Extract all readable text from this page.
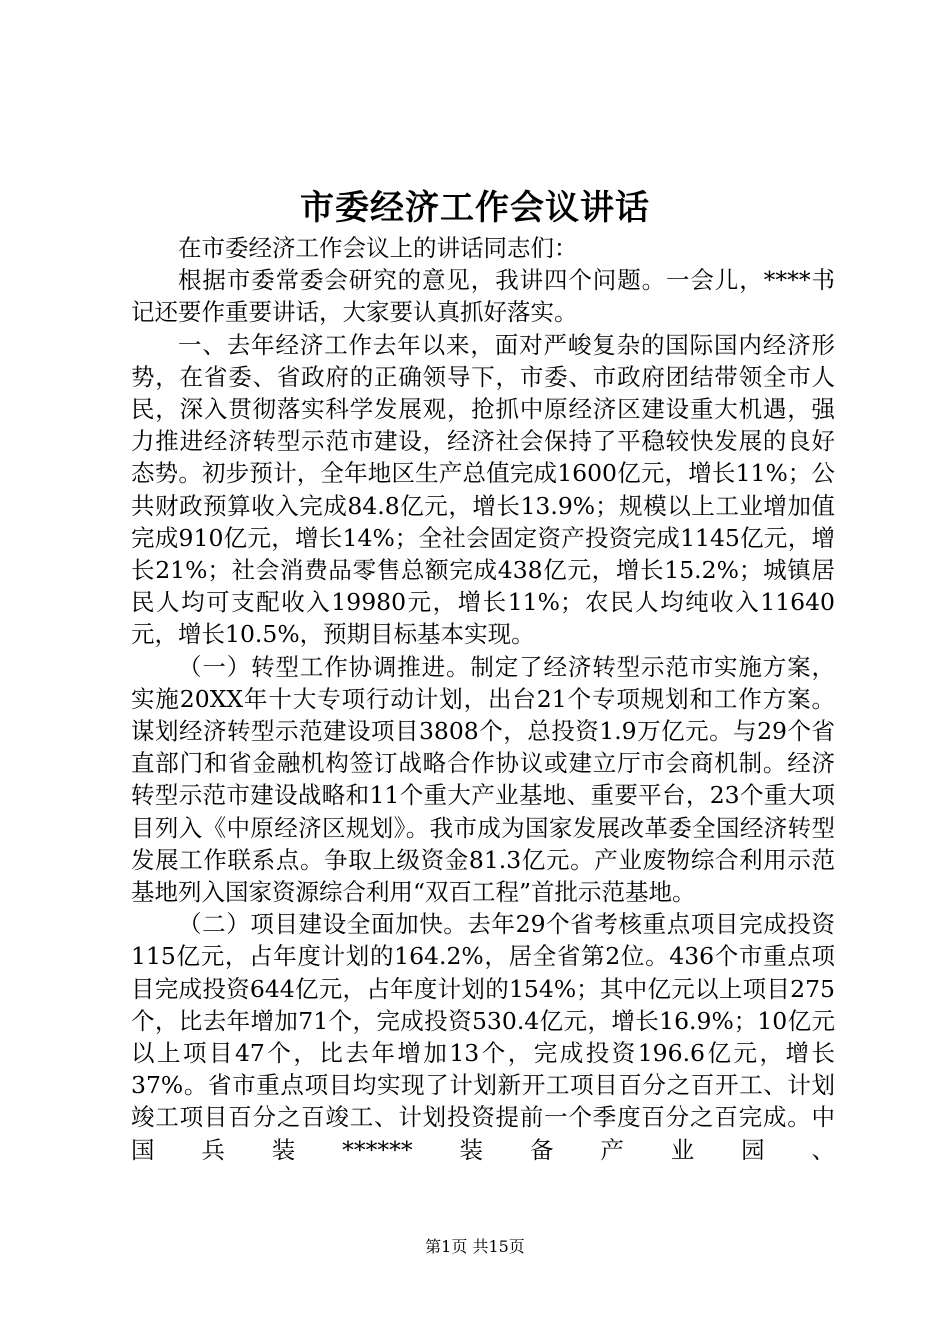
市委经济工作会议讲话

在市委经济工作会议上的讲话同志们：

根据市委常委会研究的意见，我讲四个问题。一会儿，****书记还要作重要讲话，大家要认真抓好落实。

一、去年经济工作去年以来，面对严峻复杂的国际国内经济形势，在省委、省政府的正确领导下，市委、市政府团结带领全市人民，深入贯彻落实科学发展观，抢抓中原经济区建设重大机遇，强力推进经济转型示范市建设，经济社会保持了平稳较快发展的良好态势。初步预计，全年地区生产总值完成1600亿元，增长11%；公共财政预算收入完成84.8亿元，增长13.9%；规模以上工业增加值完成910亿元，增长14%；全社会固定资产投资完成1145亿元，增长21%；社会消费品零售总额完成438亿元，增长15.2%；城镇居民人均可支配收入19980元，增长11%；农民人均纯收入11640元，增长10.5%，预期目标基本实现。

（一）转型工作协调推进。制定了经济转型示范市实施方案，实施20XX年十大专项行动计划，出台21个专项规划和工作方案。谋划经济转型示范建设项目3808个，总投资1.9万亿元。与29个省直部门和省金融机构签订战略合作协议或建立厅市会商机制。经济转型示范市建设战略和11个重大产业基地、重要平台，23个重大项目列入《中原经济区规划》。我市成为国家发展改革委全国经济转型发展工作联系点。争取上级资金81.3亿元。产业废物综合利用示范基地列入国家资源综合利用“双百工程”首批示范基地。

（二）项目建设全面加快。去年29个省考核重点项目完成投资115亿元，占年度计划的164.2%，居全省第2位。436个市重点项目完成投资644亿元，占年度计划的154%；其中亿元以上项目275个，比去年增加71个，完成投资530.4亿元，增长16.9%；10亿元以上项目47个，比去年增加13个，完成投资196.6亿元，增长37%。省市重点项目均实现了计划新开工项目百分之百开工、计划竣工项目百分之百竣工、计划投资提前一个季度百分之百完成。中国兵装******装备产业园、

第1页 共15页
